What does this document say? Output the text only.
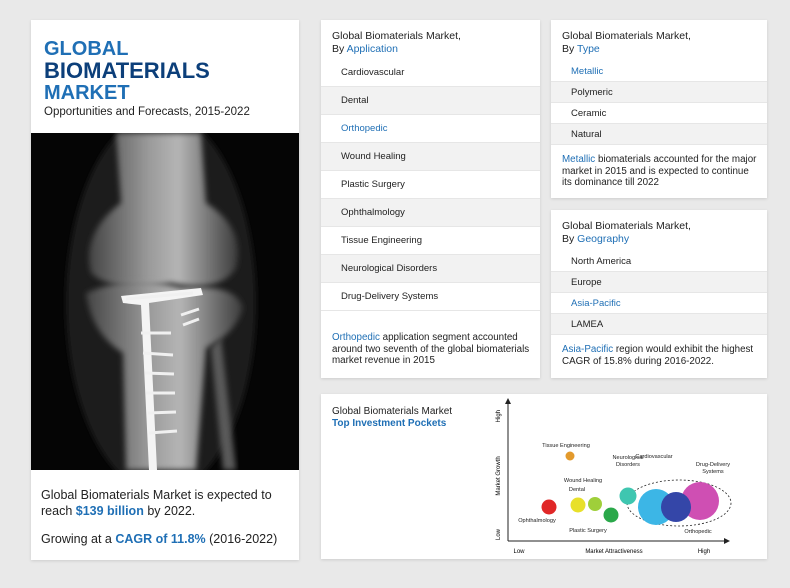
GLOBAL
BIOMATERIALS
MARKET
Opportunities and Forecasts, 2015-2022
Global Biomaterials Market is expected to reach $139 billion by 2022.
Growing at a CAGR of 11.8% (2016-2022)
Global Biomaterials Market,
By Application
Cardiovascular
Dental
Orthopedic
Wound Healing
Plastic Surgery
Ophthalmology
Tissue Engineering
Neurological Disorders
Drug-Delivery Systems
Orthopedic application segment accounted around two seventh of the global biomaterials market revenue in 2015
Global Biomaterials Market,
By Type
Metallic
Polymeric
Ceramic
Natural
Metallic biomaterials accounted for the major market in 2015 and is expected to continue its dominance till 2022
Global Biomaterials Market,
By Geography
North America
Europe
Asia-Pacific
LAMEA
Asia-Pacific region would exhibit the highest CAGR of 15.8% during 2016-2022.
Global Biomaterials Market
Top Investment Pockets
High
Low
Market Growth
Low	Market Attractiveness	High
Tissue Engineering
Ophthalmology
Dental
Wound Healing
Plastic Surgery
Neurological Disorders
Cardiovascular
Drug-Delivery Systems
Orthopedic
